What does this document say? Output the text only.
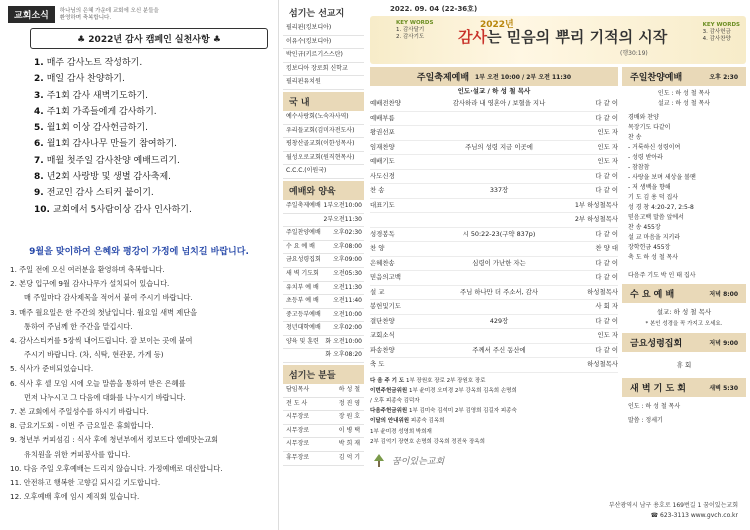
교회소식
하나님의 은혜 가운데 교회에 오신 분들을
환영하며 축복합니다.
♣ 2022년 감사 캠페인 실천사항 ♣
1. 매주 감사노트 작성하기.
2. 매일 감사 찬양하기.
3. 주1회 감사 새벽기도하기.
4. 주1회 가족들에게 감사하기.
5. 월1회 이상 감사헌금하기.
6. 월1회 감사나무 만들기 참여하기.
7. 매월 첫주일 감사찬양 예배드리기.
8. 년2회 사랑방 및 생별 감사축제.
9. 전교인 감사 스티커 붙이기.
10. 교회에서 5사람이상 감사 인사하기.
9월을 맞이하여 은혜와 평강이 가정에 넘치길 바랍니다.
1. 주일 전에 오신 여러분을 환영하며 축복합니다.
2. 본당 입구에 9월 감사나무가 설치되어 있습니다.
매 주일마다 감사제목을 적어서 붙여 주시기 바랍니다.
3. 매주 월요일은 한 주간의 첫날입니다. 월요일 새벽 제단을
통하여 주님께 한 주간을 맡깁시다.
4. 감사스티커를 5장씩 내어드립니다. 잘 보이는 곳에 붙여
주시기 바랍니다. (차, 식탁, 현관문, 가게 등)
5. 식사가 준비되었습니다.
6. 식사 후 셀 모임 시에 오늘 말씀을 통하여 받은 은혜를
먼저 나누시고 그 다음에 대화를 나누시기 바랍니다.
7. 본 교회에서 주일성수를 하시기 바랍니다.
8. 금요기도회 - 이번 주 금요일은 휴회합니다.
9. 청년부 커피섬김 : 식사 후에 청년부에서 킹보드다 엘페맛는교회
유치원을 위한 커피봉사를 합니다.
10. 다음 주일 오후예배는 드리지 않습니다. 가정예배로 대신합니다.
11. 안전하고 행복한 고향길 되시길 기도합니다.
12. 오후예배 후에 임시 제직회 있습니다.
섬기는 선교지
필리핀(킹보디아)
이유수(킹보디아)
박인규(키르기스스탄)
킹보디아 장로회 신학교
필리핀유치원
국 내
예수사랑회(노숙자사역)
우리들교회(김미자전도사)
평창산골교회(이한성목사)
월성오로교회(원직현목사)
C.C.C.(이원국)
예배와 양육
주일축제예배 1부오전10:00
2부오전11:30
주일찬양예배 오후02:30
수 요 예 배	오후08:00
금요성령집회 오후09:00
새 벽 기도회 오전05:30
유치부 예 배 오전11:30
초등부 예 배 오전11:40
중고등부예배 오전10:00
청년대학예배 오후02:00
양육 및 훈련 화 오전10:00
화 오후08:20
섬기는 분들
담임목사	하 성 철
전 도 사	정 진 영
시무장로	장 원 호
시무장로	이 병 택
시무장로	박 희 재
휴무장로	김 억 기
2022. 09. 04 (22-36호)
KEY WORDS
1. 감사달기
2. 감사기도
2022년
감사는 믿음의 뿌리 기적의 시작
(행30:19)
KEY WORDS
3. 감사헌금
4. 감사찬양
주일축제예배 1부 오전 10:00 / 2부 오전 11:30
인도·설교 / 하 성 철 목사
예배전찬양	감사하라 내 영혼아 / 보혈을 지나	다 같 이
예배부름	다 같 이
왕권선포	인도 자
임재찬양	주님의 성령 지금 이곳에	인도 자
예배기도	인도 자
사도신경	다 같 이
찬 송	337장	다 같 이
대표기도	1부 하성철목사
2부 하성철목사
성경봉독	시 50:22-23(구약 837p)	다 같 이
찬 양	찬 양 대
은혜찬송	심령이 가난한 자는	다 같 이
믿음의고백	다 같 이
설 교	주님 하나만 더 주소서, 감사	하성철목사
봉헌및기도	사 회 자
결단찬양	429장	다 같 이
교회소식	인도 자
파송찬양	주께서 주신 동산에	다 같 이
축 도	하성철목사
다 음 주 기 도 1부 장원호 장로 2부 장원호 장로
이번주헌금위원 1부 윤미경 오미경 2부 강옥희 김옥희 손명희
/ 오후 피종숙 김덕자
다음주헌금위원 1부 김미숙 김석미 2부 김영희 김길자 피종숙
이달의 안내위원 피종숙 김옥희
1부 윤미경 성영희 박희재
2부 김억기 장현호 손명희 강옥희 정진욱 장옥희
꿈이있는교회
주일찬양예배	오후 2:30
인도 : 하 성 철 목사
설교 : 하 성 철 목사
경배와 찬양
목장기도 다같이
찬 송
- 거룩하신 성령이여
- 성령 받아라
- 참참참
- 사랑을 보며 세상을 볼땐
- 저 생백을 향해
기 도 김 용 덕 집사
성 경 창 4:20-27, 2:5-8
믿음고백 말씀 앞에서
찬 송 455장
설 교 마음을 지키라
장학헌금 455장
축 도 하 성 철 목사
다음주 기도 박 인 태 집사
수 요 예 배	저녁 8:00
설교: 하 성 철 목사
* 본인 성경을 꼭 가지고 오세요.
금요성령집회	저녁 9:00
휴 회
새 벽 기 도 회	새벽 5:30
인도 : 하 성 철 목사
말씀 : 정세기
부산광역시 남구 용호로 169번길 1 꿈이있는교회
☎ 623-3113 www.gvch.co.kr
